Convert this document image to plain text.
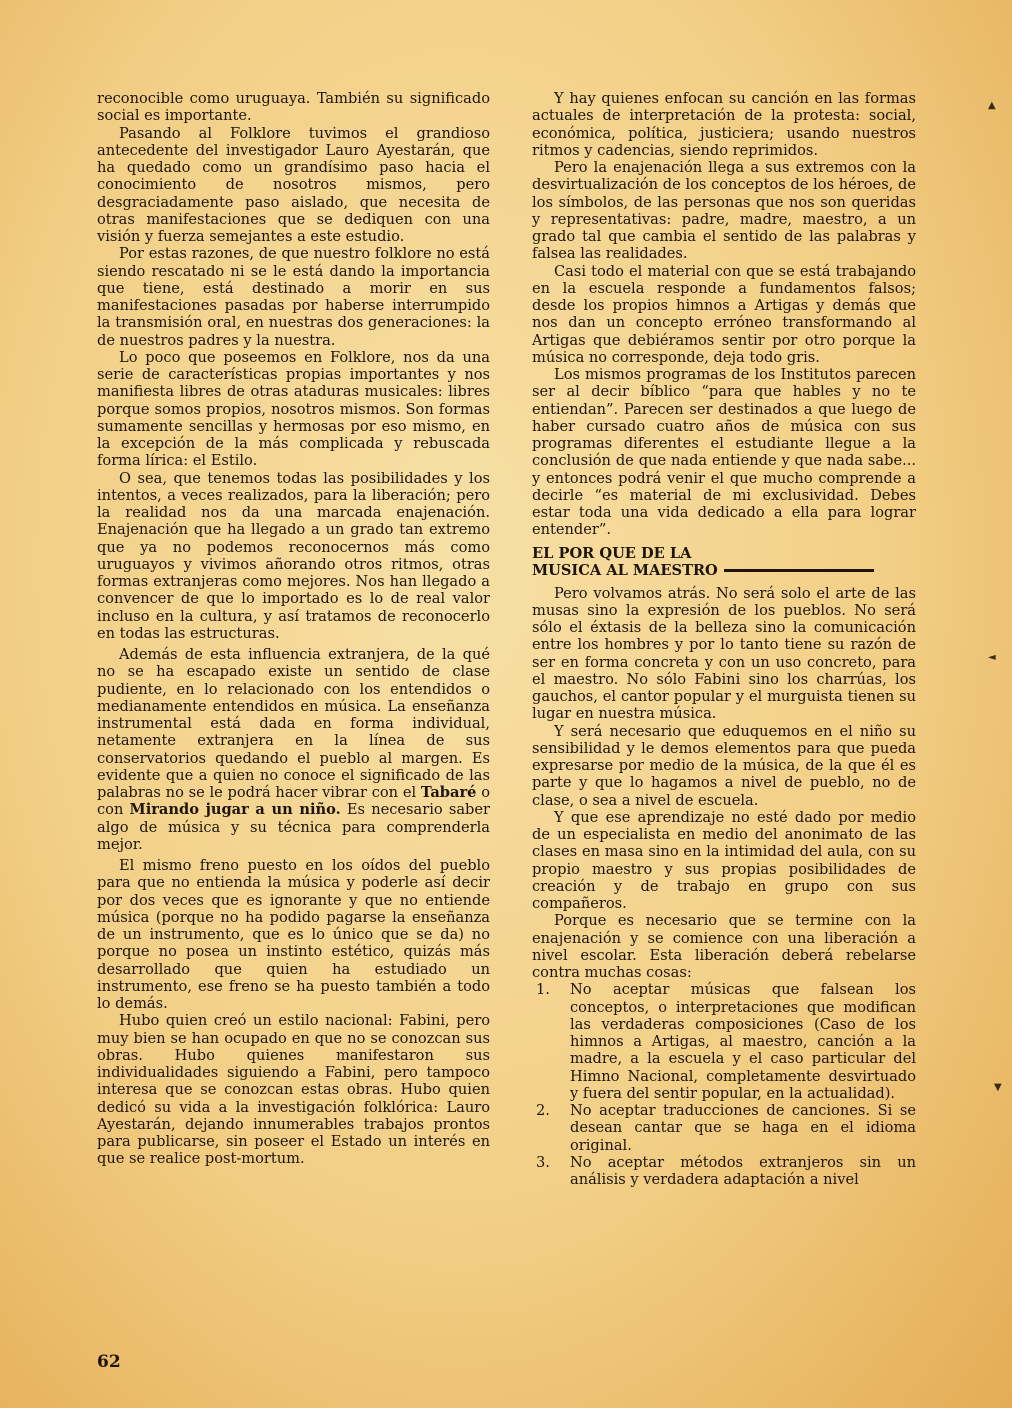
reconocible como uruguaya. También su significado social es importante.

Pasando al Folklore tuvimos el grandioso antecedente del investigador Lauro Ayestarán, que ha quedado como un grandísimo paso hacia el conocimiento de nosotros mismos, pero desgraciadamente paso aislado, que necesita de otras manifestaciones que se dediquen con una visión y fuerza semejantes a este estudio.

Por estas razones, de que nuestro folklore no está siendo rescatado ni se le está dando la importancia que tiene, está destinado a morir en sus manifestaciones pasadas por haberse interrumpido la transmisión oral, en nuestras dos generaciones: la de nuestros padres y la nuestra.

Lo poco que poseemos en Folklore, nos da una serie de características propias importantes y nos manifiesta libres de otras ataduras musicales: libres porque somos propios, nosotros mismos. Son formas sumamente sencillas y hermosas por eso mismo, en la excepción de la más complicada y rebuscada forma lírica: el Estilo.

O sea, que tenemos todas las posibilidades y los intentos, a veces realizados, para la liberación; pero la realidad nos da una marcada enajenación. Enajenación que ha llegado a un grado tan extremo que ya no podemos reconocernos más como uruguayos y vivimos añorando otros ritmos, otras formas extranjeras como mejores. Nos han llegado a convencer de que lo importado es lo de real valor incluso en la cultura, y así tratamos de reconocerlo en todas las estructuras.

Además de esta influencia extranjera, de la qué no se ha escapado existe un sentido de clase pudiente, en lo relacionado con los entendidos o medianamente entendidos en música. La enseñanza instrumental está dada en forma individual, netamente extranjera en la línea de sus conservatorios quedando el pueblo al margen. Es evidente que a quien no conoce el significado de las palabras no se le podrá hacer vibrar con el Tabaré o con Mirando jugar a un niño. Es necesario saber algo de música y su técnica para comprenderla mejor.

El mismo freno puesto en los oídos del pueblo para que no entienda la música y poderle así decir por dos veces que es ignorante y que no entiende música (porque no ha podido pagarse la enseñanza de un instrumento, que es lo único que se da) no porque no posea un instinto estético, quizás más desarrollado que quien ha estudiado un instrumento, ese freno se ha puesto también a todo lo demás.

Hubo quien creó un estilo nacional: Fabini, pero muy bien se han ocupado en que no se conozcan sus obras. Hubo quienes manifestaron sus individualidades siguiendo a Fabini, pero tampoco interesa que se conozcan estas obras. Hubo quien dedicó su vida a la investigación folklórica: Lauro Ayestarán, dejando innumerables trabajos prontos para publicarse, sin poseer el Estado un interés en que se realice post-mortum.

Y hay quienes enfocan su canción en las formas actuales de interpretación de la protesta: social, económica, política, justiciera; usando nuestros ritmos y cadencias, siendo reprimidos.

Pero la enajenación llega a sus extremos con la desvirtualización de los conceptos de los héroes, de los símbolos, de las personas que nos son queridas y representativas: padre, madre, maestro, a un grado tal que cambia el sentido de las palabras y falsea las realidades.

Casi todo el material con que se está trabajando en la escuela responde a fundamentos falsos; desde los propios himnos a Artigas y demás que nos dan un concepto erróneo transformando al Artigas que debiéramos sentir por otro porque la música no corresponde, deja todo gris.

Los mismos programas de los Institutos parecen ser al decir bíblico “para que hables y no te entiendan”. Parecen ser destinados a que luego de haber cursado cuatro años de música con sus programas diferentes el estudiante llegue a la conclusión de que nada entiende y que nada sabe... y entonces podrá venir el que mucho comprende a decirle “es material de mi exclusividad. Debes estar toda una vida dedicado a ella para lograr entender”.

EL POR QUE DE LA
MUSICA AL MAESTRO

Pero volvamos atrás. No será solo el arte de las musas sino la expresión de los pueblos. No será sólo el éxtasis de la belleza sino la comunicación entre los hombres y por lo tanto tiene su razón de ser en forma concreta y con un uso concreto, para el maestro. No sólo Fabini sino los charrúas, los gauchos, el cantor popular y el murguista tienen su lugar en nuestra música.

Y será necesario que eduquemos en el niño su sensibilidad y le demos elementos para que pueda expresarse por medio de la música, de la que él es parte y que lo hagamos a nivel de pueblo, no de clase, o sea a nivel de escuela.

Y que ese aprendizaje no esté dado por medio de un especialista en medio del anonimato de las clases en masa sino en la intimidad del aula, con su propio maestro y sus propias posibilidades de creación y de trabajo en grupo con sus compañeros.

Porque es necesario que se termine con la enajenación y se comience con una liberación a nivel escolar. Esta liberación deberá rebelarse contra muchas cosas:

1. No aceptar músicas que falsean los conceptos, o interpretaciones que modifican las verdaderas composiciones (Caso de los himnos a Artigas, al maestro, canción a la madre, a la escuela y el caso particular del Himno Nacional, completamente desvirtuado y fuera del sentir popular, en la actualidad).
2. No aceptar traducciones de canciones. Si se desean cantar que se haga en el idioma original.
3. No aceptar métodos extranjeros sin un análisis y verdadera adaptación a nivel
62
▲
◄
▼
